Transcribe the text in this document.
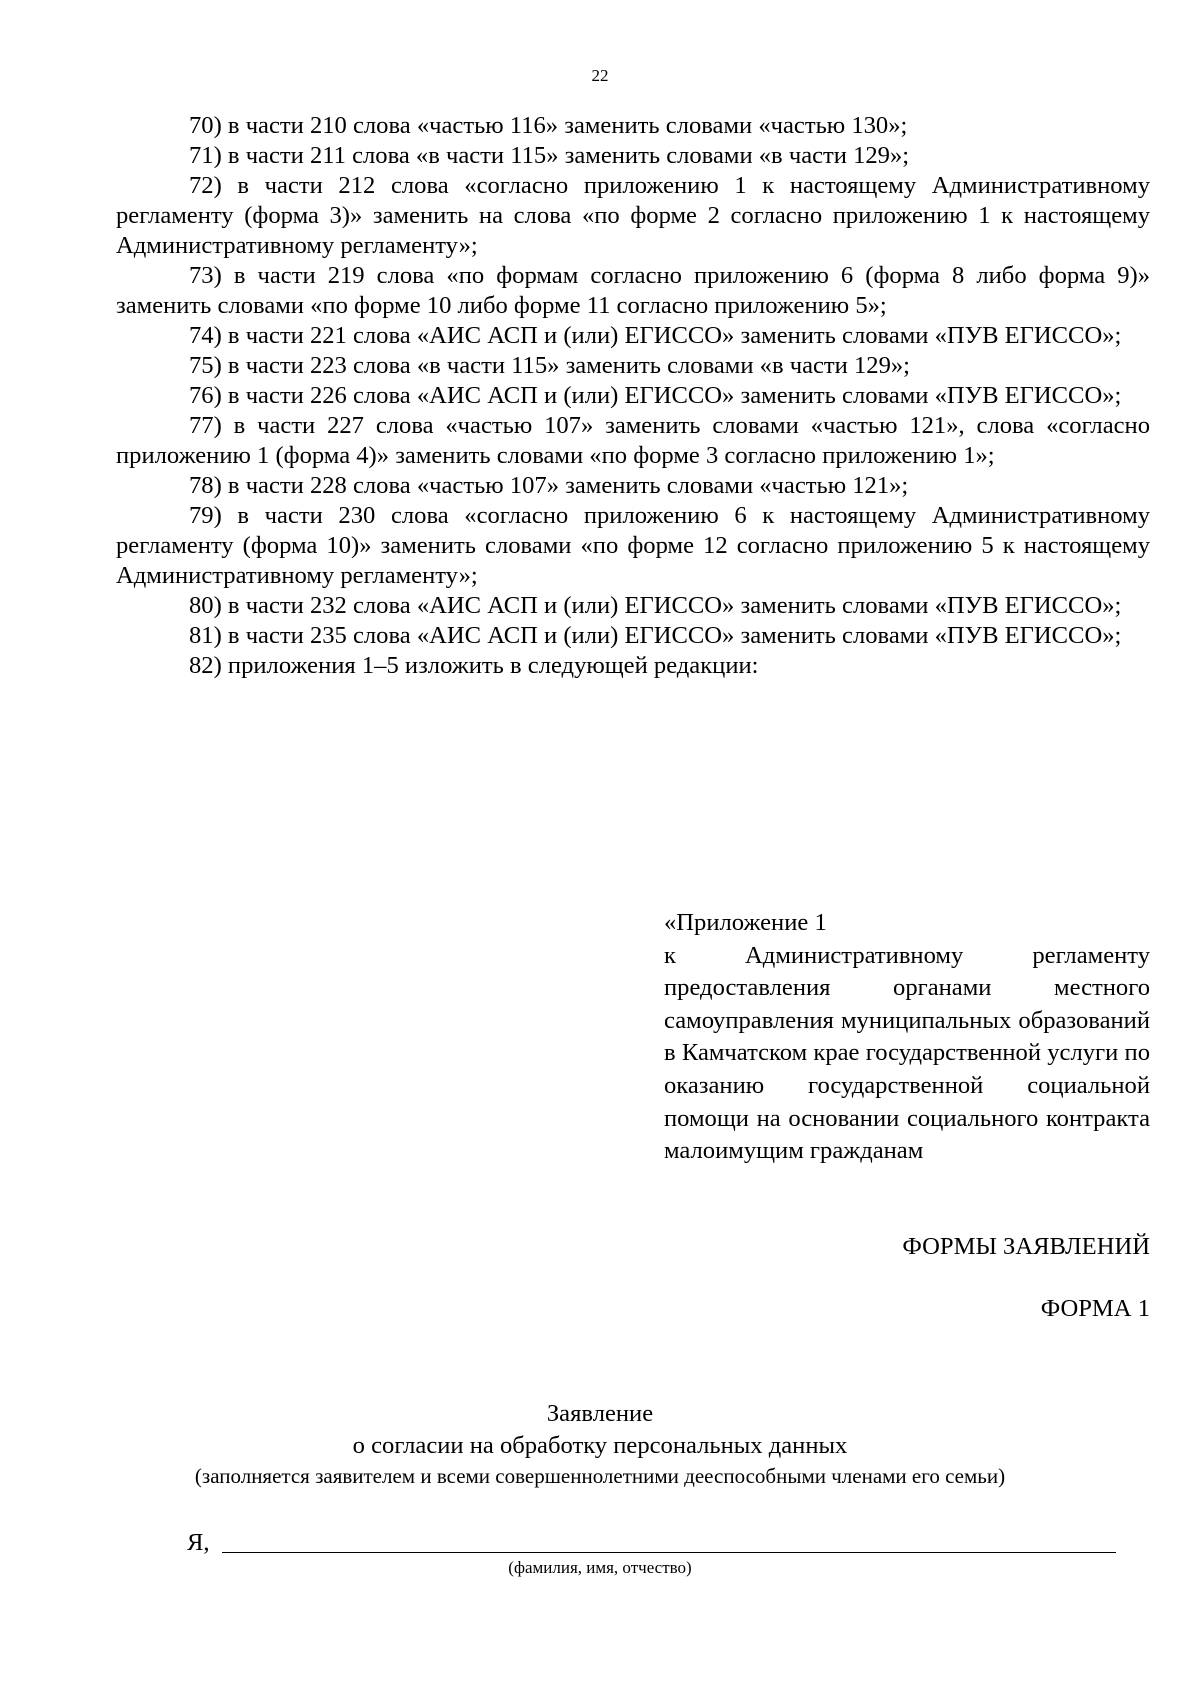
22

70) в части 210 слова «частью 116» заменить словами «частью 130»;

71) в части 211 слова «в части 115» заменить словами «в части 129»;

72) в части 212 слова «согласно приложению 1 к настоящему Административному регламенту (форма 3)» заменить на слова «по форме 2 согласно приложению 1 к настоящему Административному регламенту»;

73) в части 219 слова «по формам согласно приложению 6 (форма 8 либо форма 9)» заменить словами «по форме 10 либо форме 11 согласно приложению 5»;

74) в части 221 слова «АИС АСП и (или) ЕГИССО» заменить словами «ПУВ ЕГИССО»;

75) в части 223 слова «в части 115» заменить словами «в части 129»;

76) в части 226 слова «АИС АСП и (или) ЕГИССО» заменить словами «ПУВ ЕГИССО»;

77) в части 227 слова «частью 107» заменить словами «частью 121», слова «согласно приложению 1 (форма 4)» заменить словами «по форме 3 согласно приложению 1»;

78) в части 228 слова «частью 107» заменить словами «частью 121»;

79) в части 230 слова «согласно приложению 6 к настоящему Административному регламенту (форма 10)» заменить словами «по форме 12 согласно приложению 5 к настоящему Административному регламенту»;

80) в части 232 слова «АИС АСП и (или) ЕГИССО» заменить словами «ПУВ ЕГИССО»;

81) в части 235 слова «АИС АСП и (или) ЕГИССО» заменить словами «ПУВ ЕГИССО»;

82) приложения 1–5 изложить в следующей редакции:

«Приложение 1

к Административному регламенту предоставления органами местного самоуправления муниципальных образований в Камчатском крае государственной услуги по оказанию государственной социальной помощи на основании социального контракта малоимущим гражданам

ФОРМЫ ЗАЯВЛЕНИЙ
ФОРМА 1
Заявление
о согласии на обработку персональных данных
(заполняется заявителем и всеми совершеннолетними дееспособными членами его семьи)
Я,
(фамилия, имя, отчество)
